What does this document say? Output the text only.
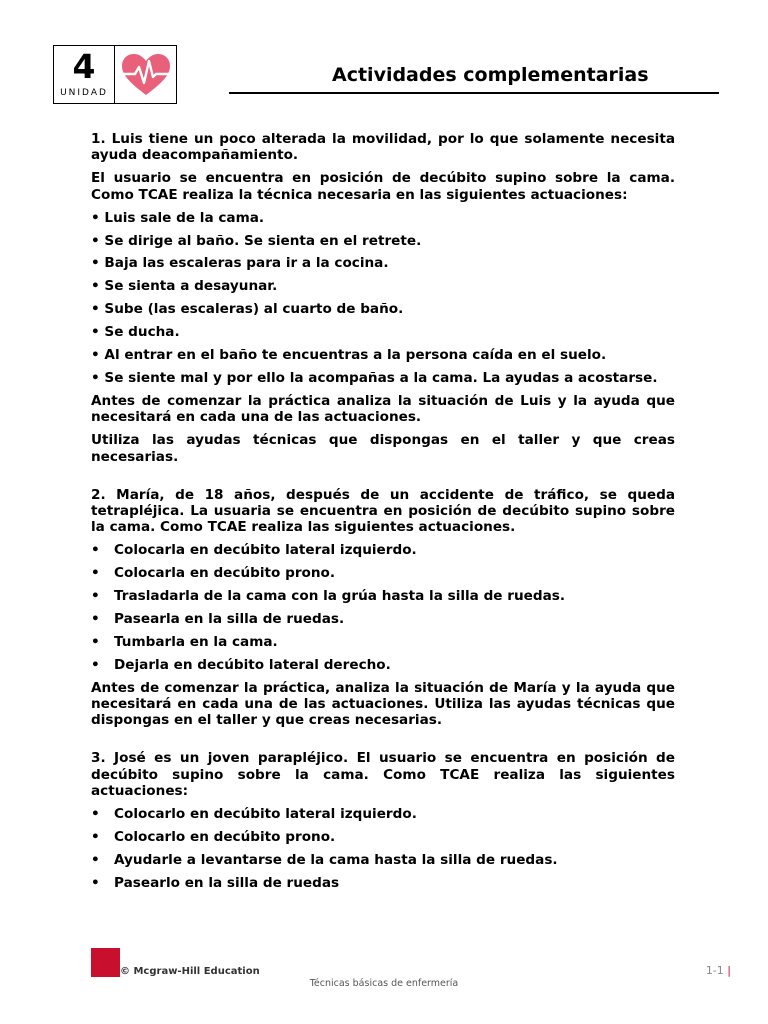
4
UNIDAD
Actividades complementarias

1. Luis tiene un poco alterada la movilidad, por lo que solamente necesita ayuda deacompañamiento.

El usuario se encuentra en posición de decúbito supino sobre la cama. Como TCAE realiza la técnica necesaria en las siguientes actuaciones:

• Luis sale de la cama.

• Se dirige al baño. Se sienta en el retrete.

• Baja las escaleras para ir a la cocina.

• Se sienta a desayunar.

• Sube (las escaleras) al cuarto de baño.

• Se ducha.

• Al entrar en el baño te encuentras a la persona caída en el suelo.

• Se siente mal y por ello la acompañas a la cama. La ayudas a acostarse.

Antes de comenzar la práctica analiza la situación de Luis y la ayuda que necesitará en cada una de las actuaciones.

Utiliza las ayudas técnicas que dispongas en el taller y que creas necesarias.

2. María, de 18 años, después de un accidente de tráfico, se queda tetrapléjica. La usuaria se encuentra en posición de decúbito supino sobre la cama. Como TCAE realiza las siguientes actuaciones.

• Colocarla en decúbito lateral izquierdo.
• Colocarla en decúbito prono.
• Trasladarla de la cama con la grúa hasta la silla de ruedas.
• Pasearla en la silla de ruedas.
• Tumbarla en la cama.
• Dejarla en decúbito lateral derecho.

Antes de comenzar la práctica, analiza la situación de María y la ayuda que necesitará en cada una de las actuaciones. Utiliza las ayudas técnicas que dispongas en el taller y que creas necesarias.

3. José es un joven parapléjico. El usuario se encuentra en posición de decúbito supino sobre la cama. Como TCAE realiza las siguientes actuaciones:

• Colocarlo en decúbito lateral izquierdo.
• Colocarlo en decúbito prono.
• Ayudarle a levantarse de la cama hasta la silla de ruedas.
• Pasearlo en la silla de ruedas
© Mcgraw-Hill Education	1-1 |
Técnicas básicas de enfermería
